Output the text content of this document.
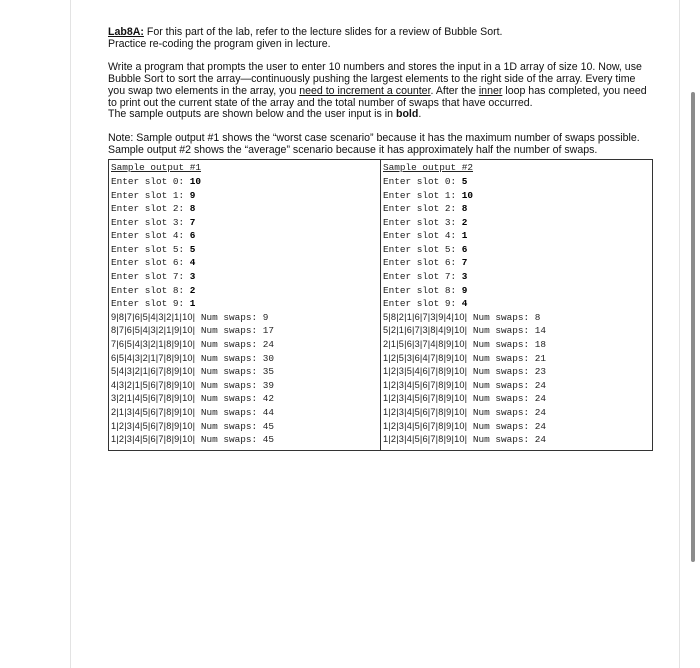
Lab8A: For this part of the lab, refer to the lecture slides for a review of Bubble Sort.
Practice re-coding the program given in lecture.

Write a program that prompts the user to enter 10 numbers and stores the input in a 1D array of size 10. Now, use Bubble Sort to sort the array—continuously pushing the largest elements to the right side of the array. Every time you swap two elements in the array, you need to increment a counter. After the inner loop has completed, you need to print out the current state of the array and the total number of swaps that have occurred.

The sample outputs are shown below and the user input is in bold.

Note: Sample output #1 shows the “worst case scenario” because it has the maximum number of swaps possible. Sample output #2 shows the “average” scenario because it has approximately half the number of swaps.

Sample output #1
Enter slot 0: 10
Enter slot 1: 9
Enter slot 2: 8
Enter slot 3: 7
Enter slot 4: 6
Enter slot 5: 5
Enter slot 6: 4
Enter slot 7: 3
Enter slot 8: 2
Enter slot 9: 1
9|8|7|6|5|4|3|2|1|10| Num swaps: 9
8|7|6|5|4|3|2|1|9|10| Num swaps: 17
7|6|5|4|3|2|1|8|9|10| Num swaps: 24
6|5|4|3|2|1|7|8|9|10| Num swaps: 30
5|4|3|2|1|6|7|8|9|10| Num swaps: 35
4|3|2|1|5|6|7|8|9|10| Num swaps: 39
3|2|1|4|5|6|7|8|9|10| Num swaps: 42
2|1|3|4|5|6|7|8|9|10| Num swaps: 44
1|2|3|4|5|6|7|8|9|10| Num swaps: 45
1|2|3|4|5|6|7|8|9|10| Num swaps: 45

Sample output #2
Enter slot 0: 5
Enter slot 1: 10
Enter slot 2: 8
Enter slot 3: 2
Enter slot 4: 1
Enter slot 5: 6
Enter slot 6: 7
Enter slot 7: 3
Enter slot 8: 9
Enter slot 9: 4
5|8|2|1|6|7|3|9|4|10| Num swaps: 8
5|2|1|6|7|3|8|4|9|10| Num swaps: 14
2|1|5|6|3|7|4|8|9|10| Num swaps: 18
1|2|5|3|6|4|7|8|9|10| Num swaps: 21
1|2|3|5|4|6|7|8|9|10| Num swaps: 23
1|2|3|4|5|6|7|8|9|10| Num swaps: 24
1|2|3|4|5|6|7|8|9|10| Num swaps: 24
1|2|3|4|5|6|7|8|9|10| Num swaps: 24
1|2|3|4|5|6|7|8|9|10| Num swaps: 24
1|2|3|4|5|6|7|8|9|10| Num swaps: 24
